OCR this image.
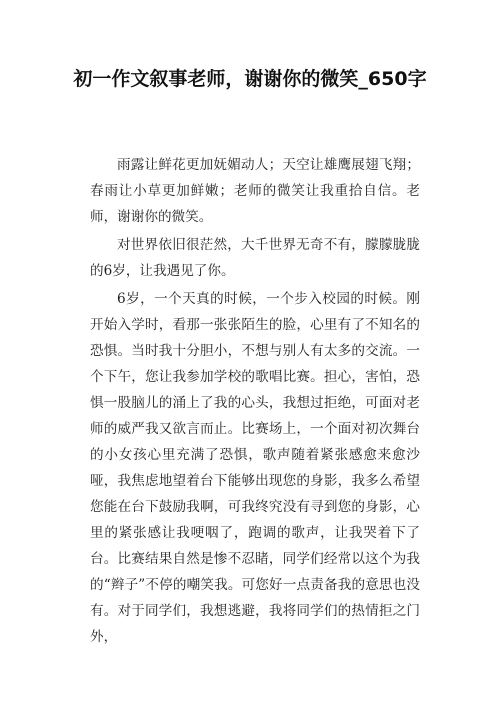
初一作文叙事老师，谢谢你的微笑_650字

雨露让鲜花更加妩媚动人；天空让雄鹰展翅飞翔；春雨让小草更加鲜嫩；老师的微笑让我重拾自信。老师，谢谢你的微笑。

对世界依旧很茫然，大千世界无奇不有，朦朦胧胧的6岁，让我遇见了你。

6岁，一个天真的时候，一个步入校园的时候。刚开始入学时，看那一张张陌生的脸，心里有了不知名的恐惧。当时我十分胆小，不想与别人有太多的交流。一个下午，您让我参加学校的歌唱比赛。担心，害怕，恐惧一股脑儿的涌上了我的心头，我想过拒绝，可面对老师的威严我又欲言而止。比赛场上，一个面对初次舞台的小女孩心里充满了恐惧，歌声随着紧张感愈来愈沙哑，我焦虑地望着台下能够出现您的身影，我多么希望您能在台下鼓励我啊，可我终究没有寻到您的身影，心里的紧张感让我哽咽了，跑调的歌声，让我哭着下了台。比赛结果自然是惨不忍睹，同学们经常以这个为我的“辫子”不停的嘲笑我。可您好一点责备我的意思也没有。对于同学们，我想逃避，我将同学们的热情拒之门外，
